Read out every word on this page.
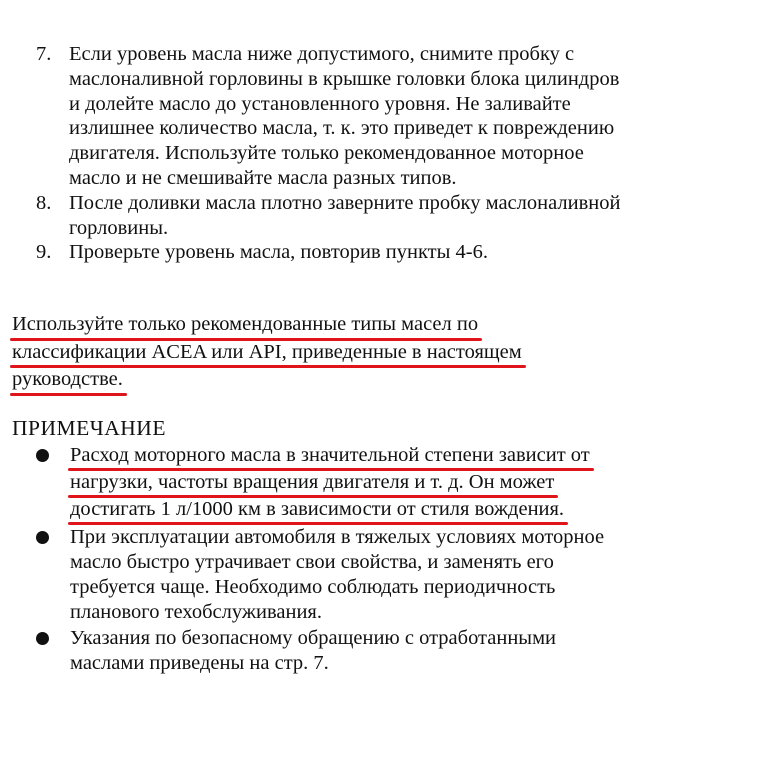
7. Если уровень масла ниже допустимого, снимите пробку с
маслоналивной горловины в крышке головки блока цилиндров
и долейте масло до установленного уровня. Не заливайте
излишнее количество масла, т. к. это приведет к повреждению
двигателя. Используйте только рекомендованное моторное
масло и не смешивайте масла разных типов.
8. После доливки масла плотно заверните пробку маслоналивной
горловины.
9. Проверьте уровень масла, повторив пункты 4-6.
Используйте только рекомендованные типы масел по
классификации ACEA или API, приведенные в настоящем
руководстве.
ПРИМЕЧАНИЕ
Расход моторного масла в значительной степени зависит от
нагрузки, частоты вращения двигателя и т. д. Он может
достигать 1 л/1000 км в зависимости от стиля вождения.
При эксплуатации автомобиля в тяжелых условиях моторное
масло быстро утрачивает свои свойства, и заменять его
требуется чаще. Необходимо соблюдать периодичность
планового техобслуживания.
Указания по безопасному обращению с отработанными
маслами приведены на стр. 7.
